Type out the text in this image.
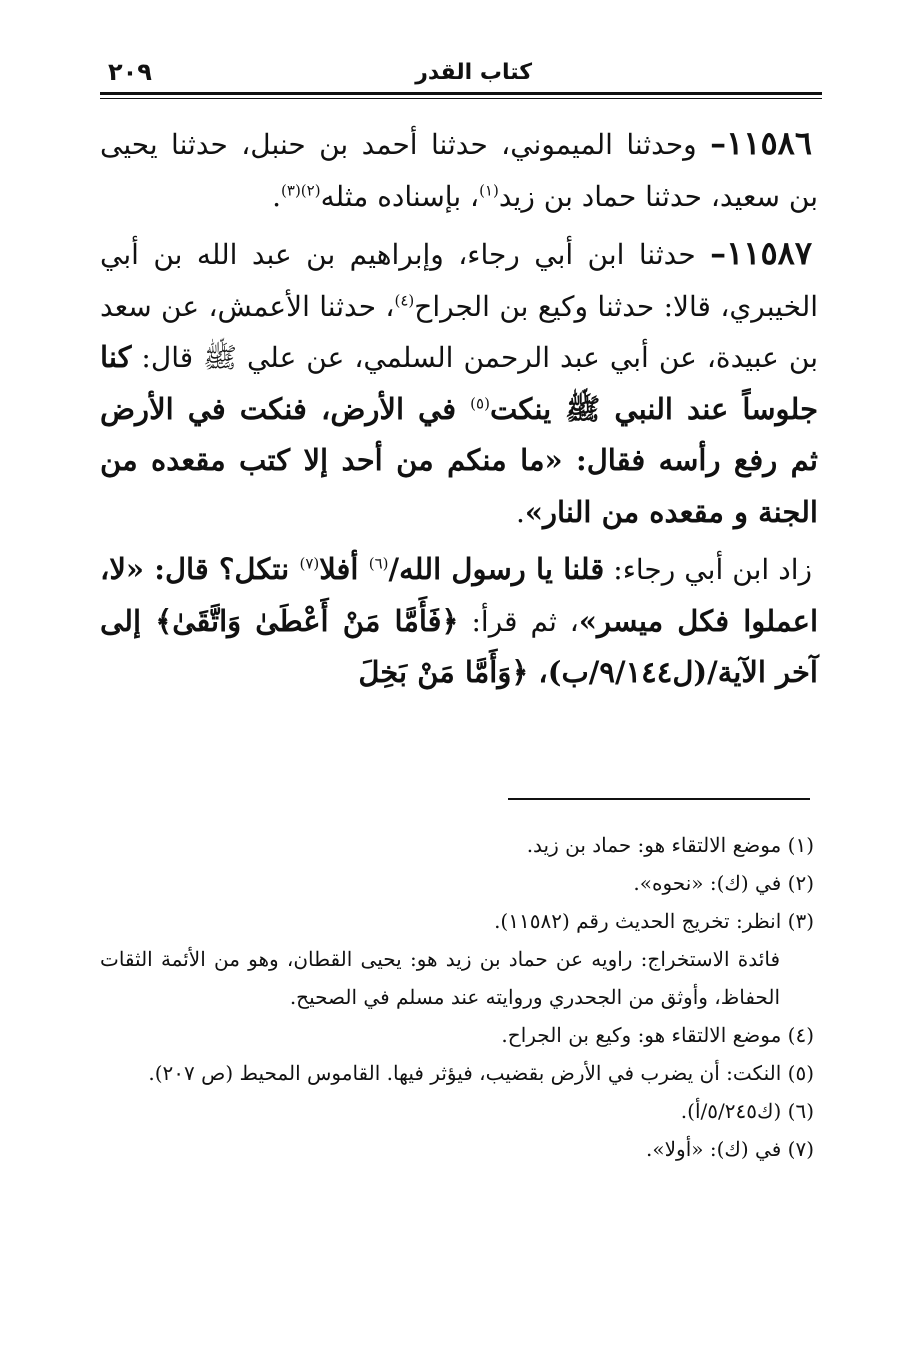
كتاب القدر
٢٠٩

١١٥٨٦– وحدثنا الميموني، حدثنا أحمد بن حنبل، حدثنا يحيى بن سعيد، حدثنا حماد بن زيد$^{(١)}$، بإسناده مثله$^{(٢)(٣)}$.

١١٥٨٧– حدثنا ابن أبي رجاء، وإبراهيم بن عبد الله بن أبي الخيبري، قالا: حدثنا وكيع بن الجراح$^{(٤)}$، حدثنا الأعمش، عن سعد بن عبيدة، عن أبي عبد الرحمن السلمي، عن علي ﷺ قال: كنا جلوساً عند النبي ﷺ ينكت$^{(٥)}$ في الأرض، فنكت في الأرض ثم رفع رأسه فقال: «ما منكم من أحد إلا كتب مقعده من الجنة و مقعده من النار».

زاد ابن أبي رجاء: قلنا يا رسول الله/$^{(٦)}$ أفلا$^{(٧)}$ نتكل؟ قال: «لا، اعملوا فكل ميسر»، ثم قرأ: ﴿فَأَمَّا مَنْ أَعْطَىٰ وَاتَّقَىٰ﴾ إلى آخر الآية/(ل٩/١٤٤/ب)، ﴿وَأَمَّا مَنْ بَخِلَ

(١) موضع الالتقاء هو: حماد بن زيد.

(٢) في (ك): «نحوه».

(٣) انظر: تخريج الحديث رقم (١١٥٨٢).

فائدة الاستخراج: راويه عن حماد بن زيد هو: يحيى القطان، وهو من الأئمة الثقات الحفاظ، وأوثق من الجحدري وروايته عند مسلم في الصحيح.

(٤) موضع الالتقاء هو: وكيع بن الجراح.

(٥) النكت: أن يضرب في الأرض بقضيب، فيؤثر فيها. القاموس المحيط (ص ٢٠٧).

(٦) (ك٥/٢٤٥/أ).

(٧) في (ك): «أولا».
